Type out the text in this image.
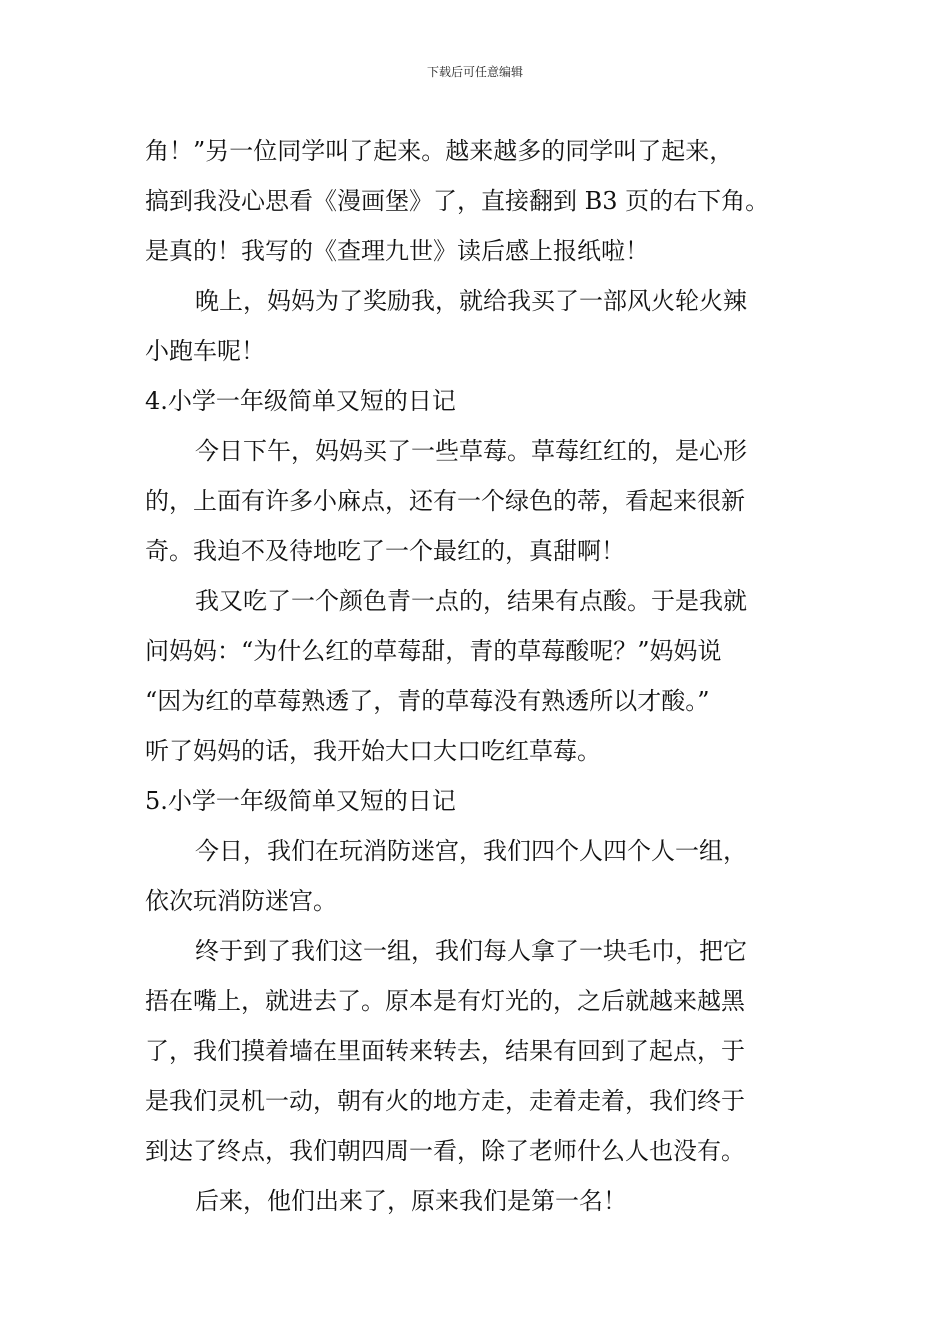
下载后可任意编辑
角！”另一位同学叫了起来。越来越多的同学叫了起来，
搞到我没心思看《漫画堡》了，直接翻到 B3 页的右下角。
是真的！我写的《查理九世》读后感上报纸啦！
晚上，妈妈为了奖励我，就给我买了一部风火轮火辣
小跑车呢！
4.小学一年级简单又短的日记
今日下午，妈妈买了一些草莓。草莓红红的，是心形
的，上面有许多小麻点，还有一个绿色的蒂，看起来很新
奇。我迫不及待地吃了一个最红的，真甜啊！
我又吃了一个颜色青一点的，结果有点酸。于是我就
问妈妈：“为什么红的草莓甜，青的草莓酸呢？”妈妈说
“因为红的草莓熟透了，青的草莓没有熟透所以才酸。”
听了妈妈的话，我开始大口大口吃红草莓。
5.小学一年级简单又短的日记
今日，我们在玩消防迷宫，我们四个人四个人一组，
依次玩消防迷宫。
终于到了我们这一组，我们每人拿了一块毛巾，把它
捂在嘴上，就进去了。原本是有灯光的，之后就越来越黑
了，我们摸着墙在里面转来转去，结果有回到了起点，于
是我们灵机一动，朝有火的地方走，走着走着，我们终于
到达了终点，我们朝四周一看，除了老师什么人也没有。
后来，他们出来了，原来我们是第一名！
